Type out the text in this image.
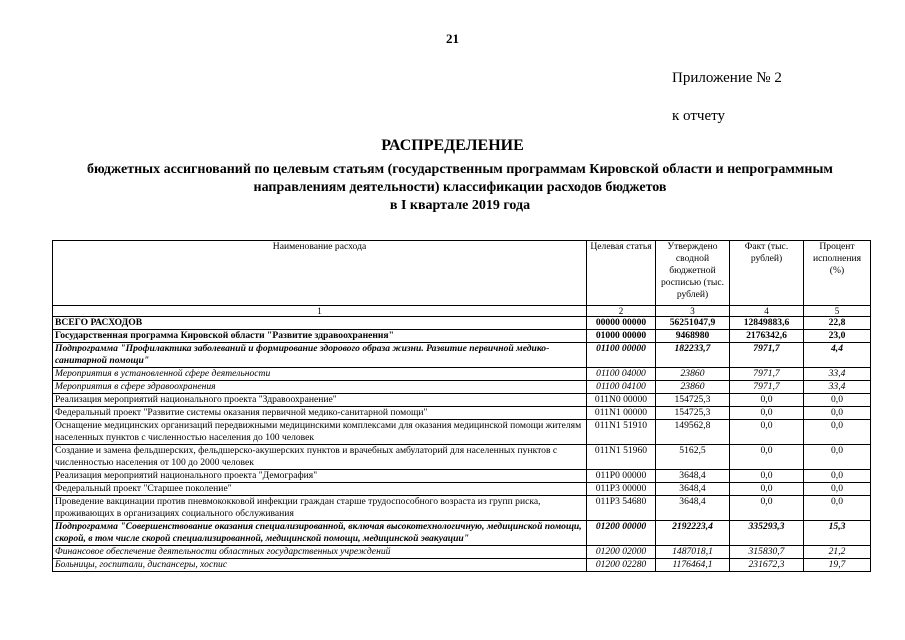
21
Приложение № 2
к отчету
РАСПРЕДЕЛЕНИЕ
бюджетных ассигнований по целевым статьям (государственным программам Кировской области и непрограммным
направлениям деятельности) классификации расходов бюджетов
в I квартале 2019 года
Наименование расхода	Целевая статья	Утверждено сводной бюджетной росписью (тыс. рублей)	Факт (тыс. рублей)	Процент исполнения (%)
1	2	3	4	5
ВСЕГО РАСХОДОВ	00000 00000	56251047,9	12849883,6	22,8
Государственная программа Кировской области "Развитие здравоохранения"	01000 00000	9468980	2176342,6	23,0
Подпрограмма "Профилактика заболеваний и формирование здорового образа жизни. Развитие первичной медико-санитарной помощи"	01100 00000	182233,7	7971,7	4,4
Мероприятия в установленной сфере деятельности	01100 04000	23860	7971,7	33,4
Мероприятия в сфере здравоохранения	01100 04100	23860	7971,7	33,4
Реализация мероприятий национального проекта "Здравоохранение"	011N0 00000	154725,3	0,0	0,0
Федеральный проект "Развитие системы оказания первичной медико-санитарной помощи"	011N1 00000	154725,3	0,0	0,0
Оснащение медицинских организаций передвижными медицинскими комплексами для оказания медицинской помощи жителям населенных пунктов с численностью населения до 100 человек	011N1 51910	149562,8	0,0	0,0
Создание и замена фельдшерских, фельдшерско-акушерских пунктов и врачебных амбулаторий для населенных пунктов с численностью населения от 100 до 2000 человек	011N1 51960	5162,5	0,0	0,0
Реализация мероприятий национального проекта "Демография"	011P0 00000	3648,4	0,0	0,0
Федеральный проект "Старшее поколение"	011P3 00000	3648,4	0,0	0,0
Проведение вакцинации против пневмококковой инфекции граждан старше трудоспособного возраста из групп риска, проживающих в организациях социального обслуживания	011P3 54680	3648,4	0,0	0,0
Подпрограмма "Совершенствование оказания специализированной, включая высокотехнологичную, медицинской помощи, скорой, в том числе скорой специализированной, медицинской помощи, медицинской эвакуации"	01200 00000	2192223,4	335293,3	15,3
Финансовое обеспечение деятельности областных государственных учреждений	01200 02000	1487018,1	315830,7	21,2
Больницы, госпитали, диспансеры, хоспис	01200 02280	1176464,1	231672,3	19,7
